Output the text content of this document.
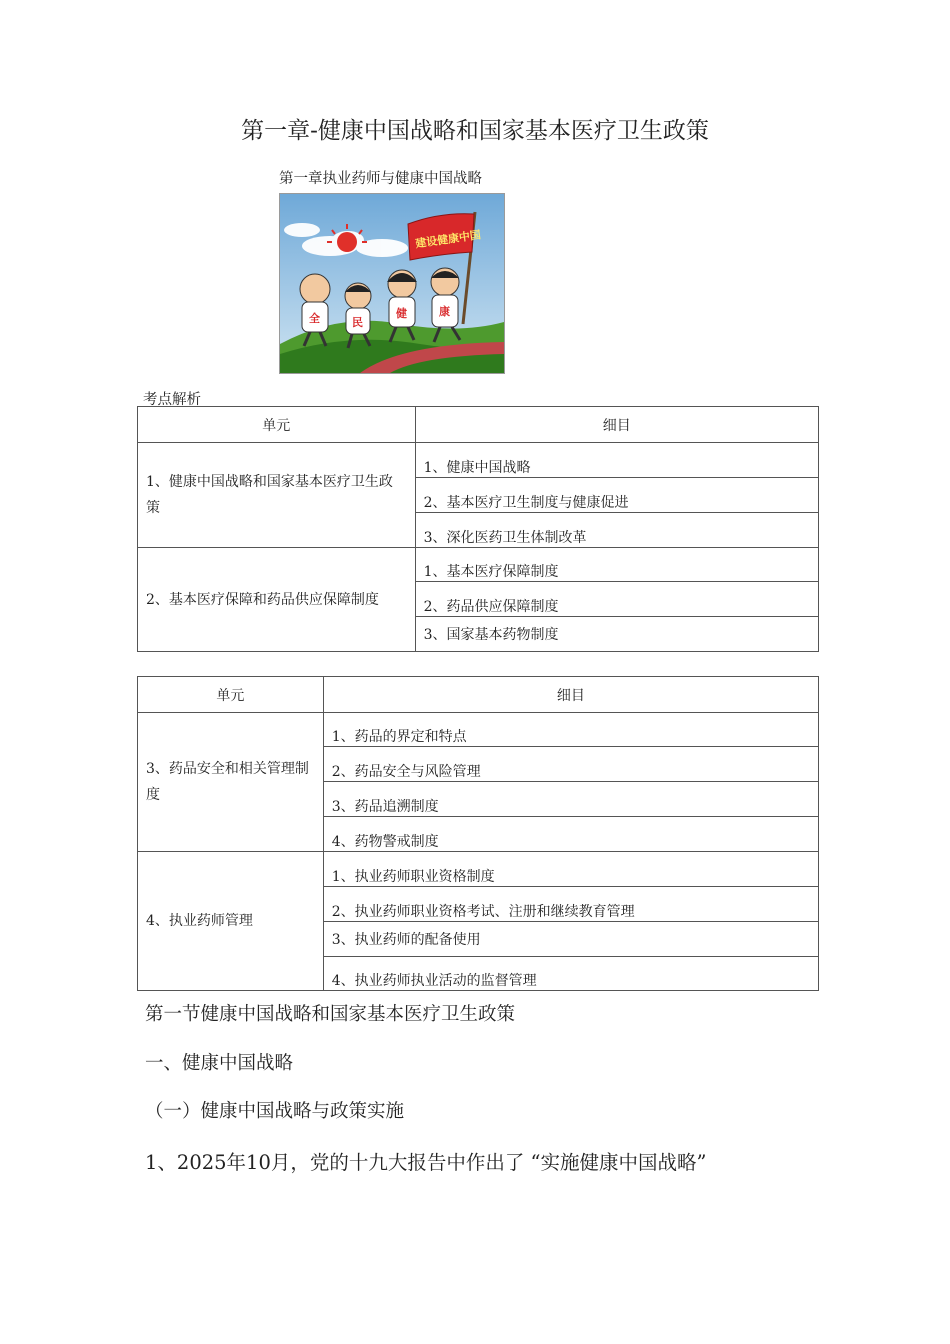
第一章-健康中国战略和国家基本医疗卫生政策
第一章执业药师与健康中国战略
建设健康中国
全	民
健	康
考点解析
单元	细目
1、健康中国战略和国家基本医疗卫生政策	1、健康中国战略
	2、基本医疗卫生制度与健康促进
	3、深化医药卫生体制改革
2、基本医疗保障和药品供应保障制度	1、基本医疗保障制度
	2、药品供应保障制度
	3、国家基本药物制度
单元	细目
3、药品安全和相关管理制度	1、药品的界定和特点
	2、药品安全与风险管理
	3、药品追溯制度
	4、药物警戒制度
4、执业药师管理	1、执业药师职业资格制度
	2、执业药师职业资格考试、注册和继续教育管理
	3、执业药师的配备使用
	4、执业药师执业活动的监督管理
第一节健康中国战略和国家基本医疗卫生政策
一、健康中国战略
（一）健康中国战略与政策实施
1、2025年10月，党的十九大报告中作出了 “实施健康中国战略”
